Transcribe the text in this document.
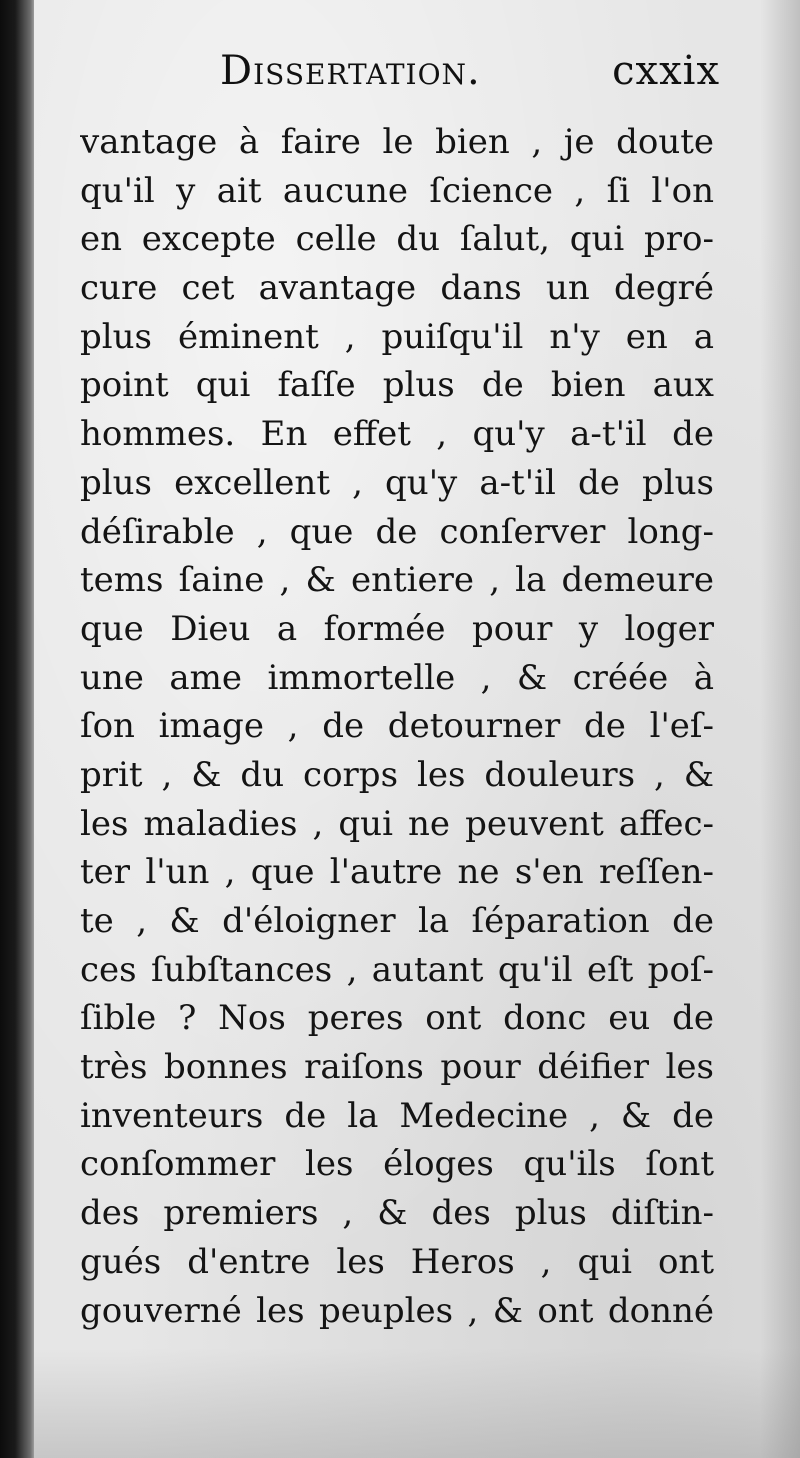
Dissertation.	cxxix
vantage à faire le bien , je doute
qu'il y ait aucune ſcience , ſi l'on
en excepte celle du ſalut, qui pro-
cure cet avantage dans un degré
plus éminent , puiſqu'il n'y en a
point qui faſſe plus de bien aux
hommes. En effet , qu'y a-t'il de
plus excellent , qu'y a-t'il de plus
déſirable , que de conſerver long-
tems ſaine , & entiere , la demeure
que Dieu a formée pour y loger
une ame immortelle , & créée à
ſon image , de detourner de l'eſ-
prit , & du corps les douleurs , &
les maladies , qui ne peuvent affec-
ter l'un , que l'autre ne s'en reſſen-
te , & d'éloigner la ſéparation de
ces ſubſtances , autant qu'il eſt poſ-
ſible ? Nos peres ont donc eu de
très bonnes raiſons pour déifier les
inventeurs de la Medecine , & de
conſommer les éloges qu'ils ſont
des premiers , & des plus diſtin-
gués d'entre les Heros , qui ont
gouverné les peuples , & ont donné
